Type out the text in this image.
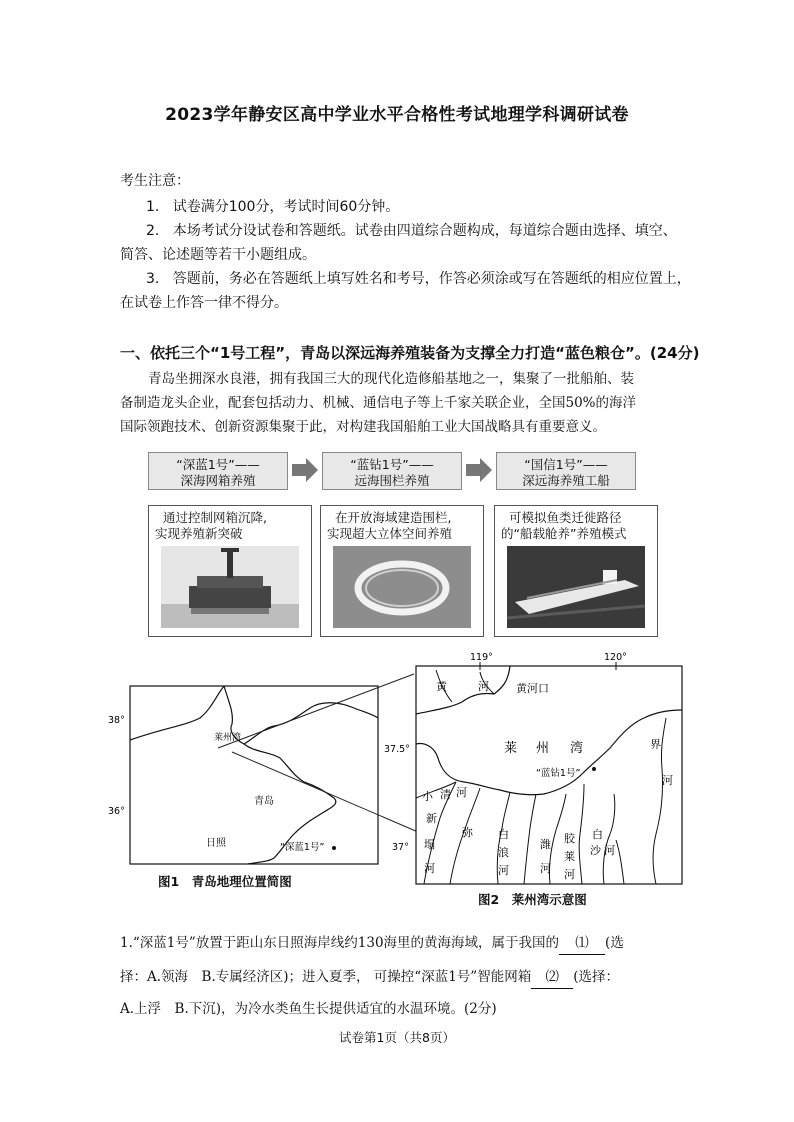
2023学年静安区高中学业水平合格性考试地理学科调研试卷
考生注意：
1. 试卷满分100分，考试时间60分钟。
2. 本场考试分设试卷和答题纸。试卷由四道综合题构成，每道综合题由选择、填空、
简答、论述题等若干小题组成。
3. 答题前，务必在答题纸上填写姓名和考号，作答必须涂或写在答题纸的相应位置上，
在试卷上作答一律不得分。
一、依托三个“1号工程”，青岛以深远海养殖装备为支撑全力打造“蓝色粮仓”。(24分)
青岛坐拥深水良港，拥有我国三大的现代化造修船基地之一，集聚了一批船舶、装
备制造龙头企业，配套包括动力、机械、通信电子等上千家关联企业，全国50%的海洋
国际领跑技术、创新资源集聚于此，对构建我国船舶工业大国战略具有重要意义。
“深蓝1号”——
深海网箱养殖
“蓝钻1号”——
远海围栏养殖
“国信1号”——
深远海养殖工船
通过控制网箱沉降,
实现养殖新突破
在开放海域建造围栏,
实现超大立体空间养殖
可模拟鱼类迁徙路径
的“船载舱养”养殖模式
38°
36°
莱州湾
青岛
日照	“深蓝1号”
119°	120°
37.5°
37°
黄	河 黄河口
莱 州 湾
“蓝钻1号”
界
河
小 清 河
新
塌
河
弥 白
浪
河
潍
河
胶
莱
河
白
沙 河
图1　青岛地理位置简图
图2　莱州湾示意图
1.“深蓝1号”放置于距山东日照海岸线约130海里的黄海海域，属于我国的 ⑴ (选
择：A.领海　B.专属经济区)；进入夏季， 可操控“深蓝1号”智能网箱 ⑵ (选择：
A.上浮　B.下沉)，为冷水类鱼生长提供适宜的水温环境。(2分)
试卷第1页（共8页）
